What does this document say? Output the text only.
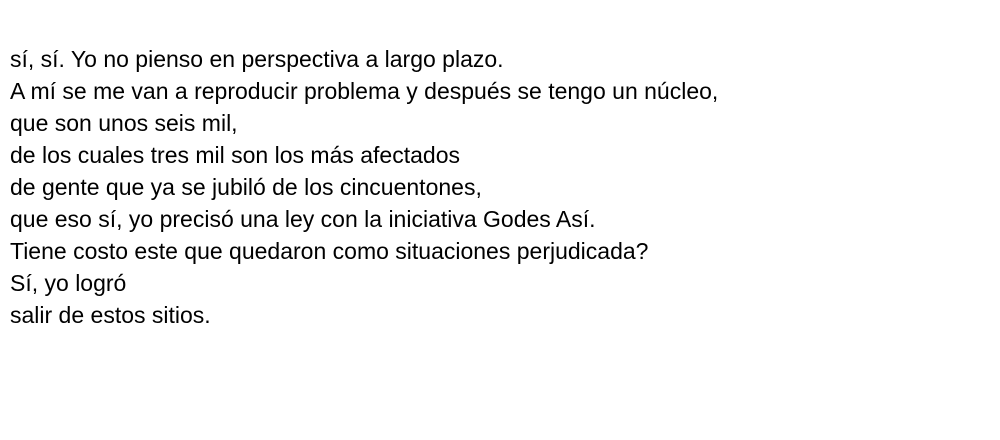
sí, sí. Yo no pienso en perspectiva a largo plazo.
A mí se me van a reproducir problema y después se tengo un núcleo,
que son unos seis mil,
de los cuales tres mil son los más afectados
de gente que ya se jubiló de los cincuentones,
que eso sí, yo precisó una ley con la iniciativa Godes Así.
Tiene costo este que quedaron como situaciones perjudicada?
Sí, yo logró
salir de estos sitios.
